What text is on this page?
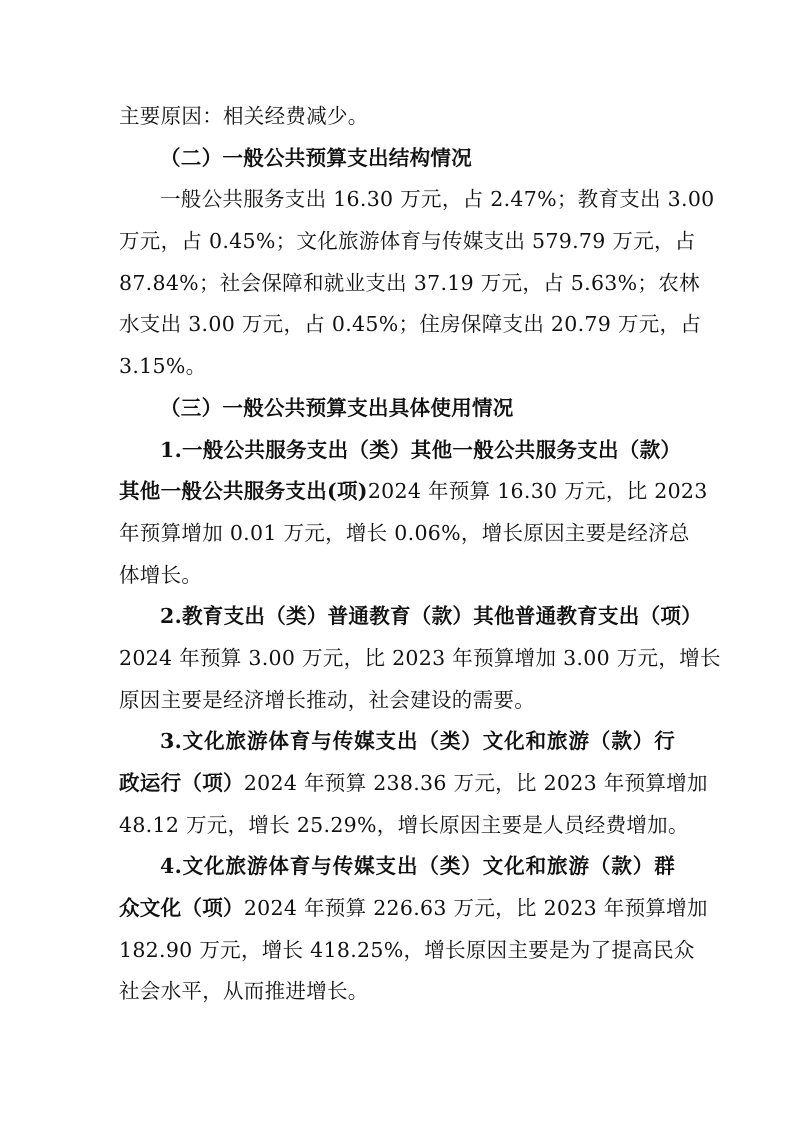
主要原因：相关经费减少。
（二）一般公共预算支出结构情况
一般公共服务支出 16.30 万元，占 2.47%；教育支出 3.00
万元，占 0.45%；文化旅游体育与传媒支出 579.79 万元，占
87.84%；社会保障和就业支出 37.19 万元，占 5.63%；农林
水支出 3.00 万元，占 0.45%；住房保障支出 20.79 万元，占
3.15%。
（三）一般公共预算支出具体使用情况
1.一般公共服务支出（类）其他一般公共服务支出（款）
其他一般公共服务支出(项)2024 年预算 16.30 万元，比 2023
年预算增加 0.01 万元，增长 0.06%，增长原因主要是经济总
体增长。
2.教育支出（类）普通教育（款）其他普通教育支出（项）
2024 年预算 3.00 万元，比 2023 年预算增加 3.00 万元，增长
原因主要是经济增长推动，社会建设的需要。
3.文化旅游体育与传媒支出（类）文化和旅游（款）行
政运行（项）2024 年预算 238.36 万元，比 2023 年预算增加
48.12 万元，增长 25.29%，增长原因主要是人员经费增加。
4.文化旅游体育与传媒支出（类）文化和旅游（款）群
众文化（项）2024 年预算 226.63 万元，比 2023 年预算增加
182.90 万元，增长 418.25%，增长原因主要是为了提高民众
社会水平，从而推进增长。
